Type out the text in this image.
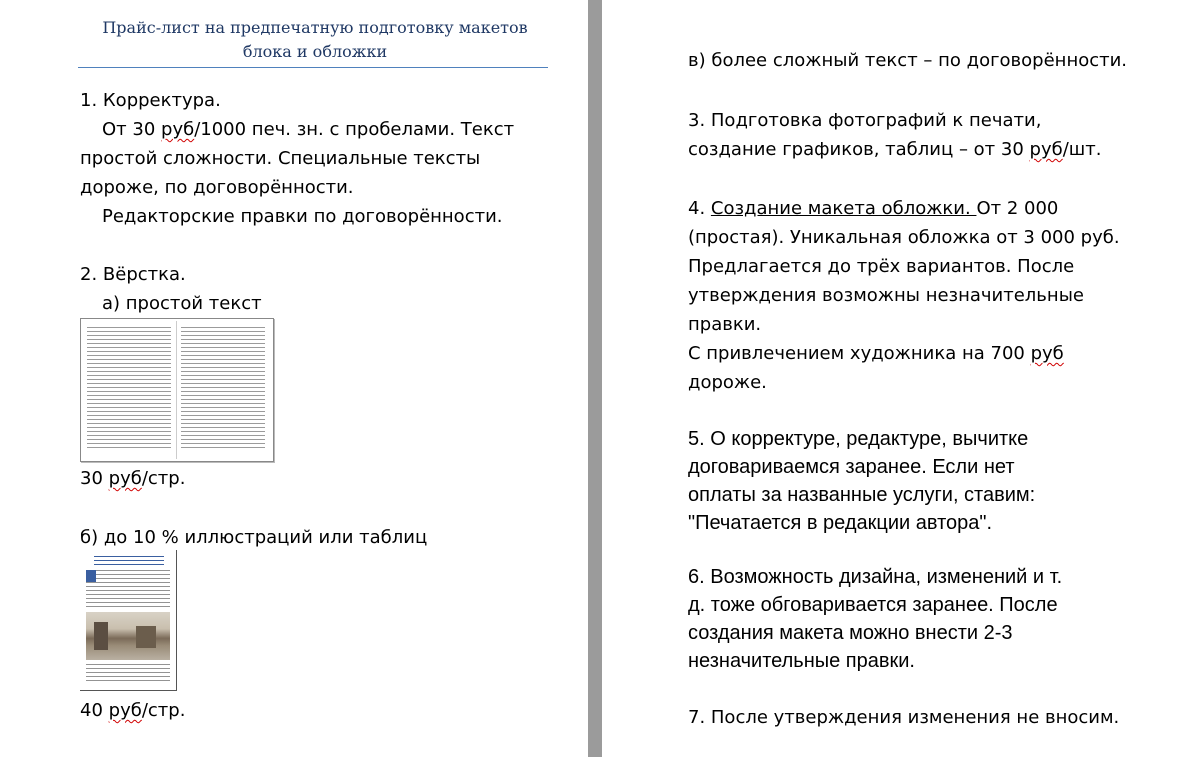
Прайс-лист на предпечатную подготовку макетов
блока и обложки
1. Корректура.
От 30 руб/1000 печ. зн. с пробелами. Текст
простой сложности. Специальные тексты
дороже, по договорённости.
Редакторские правки по договорённости.
2. Вёрстка.
а) простой текст
30 руб/стр.
б) до 10 % иллюстраций или таблиц
40 руб/стр.
в) более сложный текст – по договорённости.
3. Подготовка фотографий к печати,
создание графиков, таблиц – от 30 руб/шт.
4. Создание макета обложки. От 2 000
(простая). Уникальная обложка от 3 000 руб.
Предлагается до трёх вариантов. После
утверждения возможны незначительные
правки.
С привлечением художника на 700 руб
дороже.
5. О корректуре, редактуре, вычитке
договариваемся заранее. Если нет
оплаты за названные услуги, ставим:
"Печатается в редакции автора".
6. Возможность дизайна, изменений и т.
д. тоже обговаривается заранее. После
создания макета можно внести 2-3
незначительные правки.
7. После утверждения изменения не вносим.
